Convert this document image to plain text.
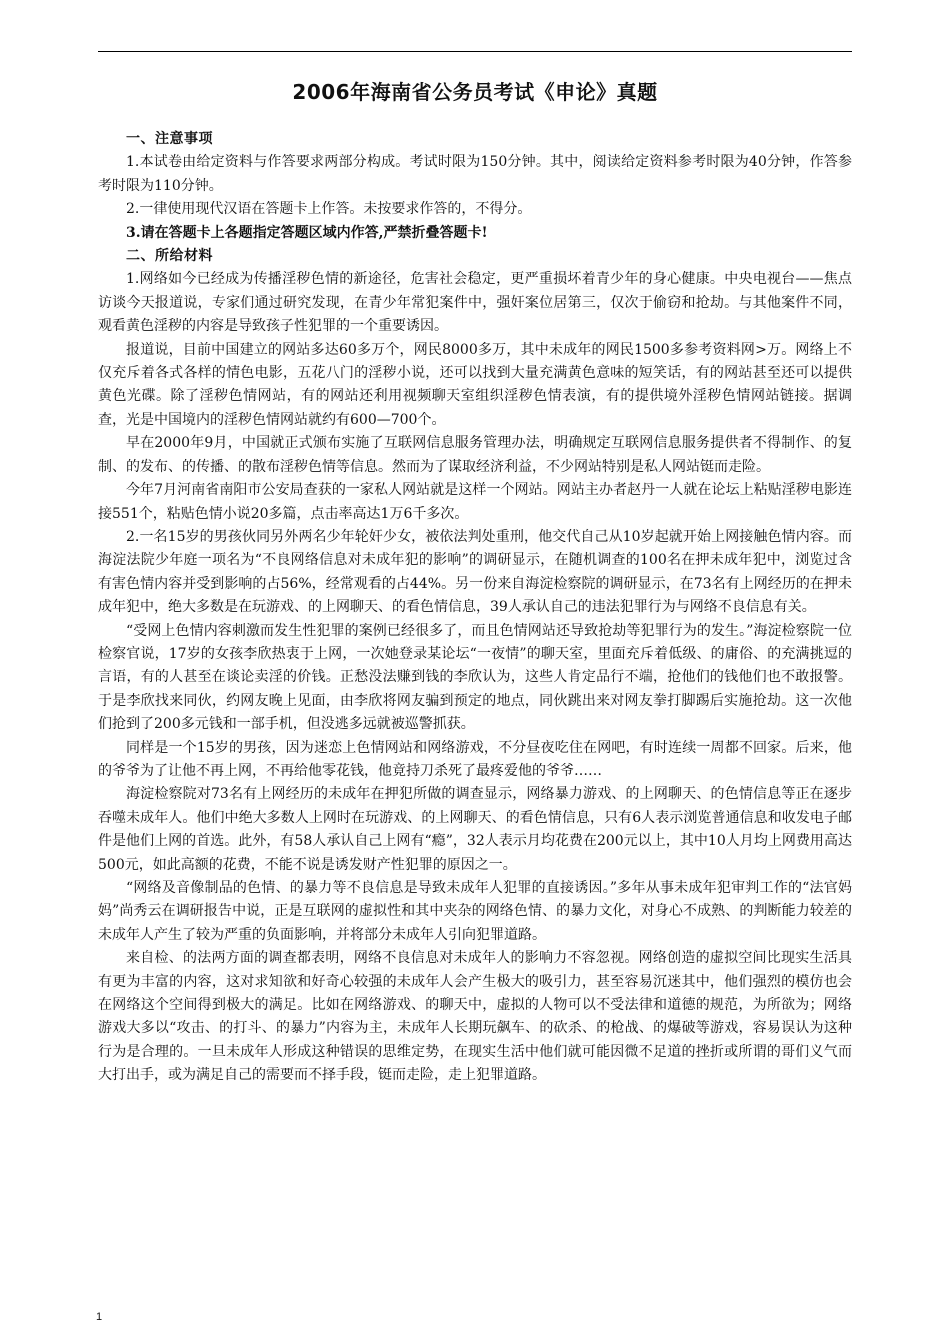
2006年海南省公务员考试《申论》真题

一、注意事项

1.本试卷由给定资料与作答要求两部分构成。考试时限为150分钟。其中，阅读给定资料参考时限为40分钟，作答参考时限为110分钟。

2.一律使用现代汉语在答题卡上作答。未按要求作答的，不得分。

3.请在答题卡上各题指定答题区域内作答,严禁折叠答题卡!

二、所给材料

1.网络如今已经成为传播淫秽色情的新途径，危害社会稳定，更严重损坏着青少年的身心健康。中央电视台——焦点访谈今天报道说，专家们通过研究发现，在青少年常犯案件中，强奸案位居第三，仅次于偷窃和抢劫。与其他案件不同，观看黄色淫秽的内容是导致孩子性犯罪的一个重要诱因。

报道说，目前中国建立的网站多达60多万个，网民8000多万，其中未成年的网民1500多参考资料网>万。网络上不仅充斥着各式各样的情色电影，五花八门的淫秽小说，还可以找到大量充满黄色意味的短笑话，有的网站甚至还可以提供黄色光碟。除了淫秽色情网站，有的网站还利用视频聊天室组织淫秽色情表演，有的提供境外淫秽色情网站链接。据调查，光是中国境内的淫秽色情网站就约有600—700个。

早在2000年9月，中国就正式颁布实施了互联网信息服务管理办法，明确规定互联网信息服务提供者不得制作、的复制、的发布、的传播、的散布淫秽色情等信息。然而为了谋取经济利益，不少网站特别是私人网站铤而走险。

今年7月河南省南阳市公安局查获的一家私人网站就是这样一个网站。网站主办者赵丹一人就在论坛上粘贴淫秽电影连接551个，粘贴色情小说20多篇，点击率高达1万6千多次。

2.一名15岁的男孩伙同另外两名少年轮奸少女，被依法判处重刑，他交代自己从10岁起就开始上网接触色情内容。而海淀法院少年庭一项名为“不良网络信息对未成年犯的影响”的调研显示，在随机调查的100名在押未成年犯中，浏览过含有害色情内容并受到影响的占56%，经常观看的占44%。另一份来自海淀检察院的调研显示，在73名有上网经历的在押未成年犯中，绝大多数是在玩游戏、的上网聊天、的看色情信息，39人承认自己的违法犯罪行为与网络不良信息有关。

“受网上色情内容刺激而发生性犯罪的案例已经很多了，而且色情网站还导致抢劫等犯罪行为的发生。”海淀检察院一位检察官说，17岁的女孩李欣热衷于上网，一次她登录某论坛“一夜情”的聊天室，里面充斥着低级、的庸俗、的充满挑逗的言语，有的人甚至在谈论卖淫的价钱。正愁没法赚到钱的李欣认为，这些人肯定品行不端，抢他们的钱他们也不敢报警。于是李欣找来同伙，约网友晚上见面，由李欣将网友骗到预定的地点，同伙跳出来对网友拳打脚踢后实施抢劫。这一次他们抢到了200多元钱和一部手机，但没逃多远就被巡警抓获。

同样是一个15岁的男孩，因为迷恋上色情网站和网络游戏，不分昼夜吃住在网吧，有时连续一周都不回家。后来，他的爷爷为了让他不再上网，不再给他零花钱，他竟持刀杀死了最疼爱他的爷爷……

海淀检察院对73名有上网经历的未成年在押犯所做的调查显示，网络暴力游戏、的上网聊天、的色情信息等正在逐步吞噬未成年人。他们中绝大多数人上网时在玩游戏、的上网聊天、的看色情信息，只有6人表示浏览普通信息和收发电子邮件是他们上网的首选。此外，有58人承认自己上网有“瘾”，32人表示月均花费在200元以上，其中10人月均上网费用高达500元，如此高额的花费，不能不说是诱发财产性犯罪的原因之一。

“网络及音像制品的色情、的暴力等不良信息是导致未成年人犯罪的直接诱因。”多年从事未成年犯审判工作的“法官妈妈”尚秀云在调研报告中说，正是互联网的虚拟性和其中夹杂的网络色情、的暴力文化，对身心不成熟、的判断能力较差的未成年人产生了较为严重的负面影响，并将部分未成年人引向犯罪道路。

来自检、的法两方面的调查都表明，网络不良信息对未成年人的影响力不容忽视。网络创造的虚拟空间比现实生活具有更为丰富的内容，这对求知欲和好奇心较强的未成年人会产生极大的吸引力，甚至容易沉迷其中，他们强烈的模仿也会在网络这个空间得到极大的满足。比如在网络游戏、的聊天中，虚拟的人物可以不受法律和道德的规范，为所欲为；网络游戏大多以“攻击、的打斗、的暴力”内容为主，未成年人长期玩飙车、的砍杀、的枪战、的爆破等游戏，容易误认为这种行为是合理的。一旦未成年人形成这种错误的思维定势，在现实生活中他们就可能因微不足道的挫折或所谓的哥们义气而大打出手，或为满足自己的需要而不择手段，铤而走险，走上犯罪道路。

1
